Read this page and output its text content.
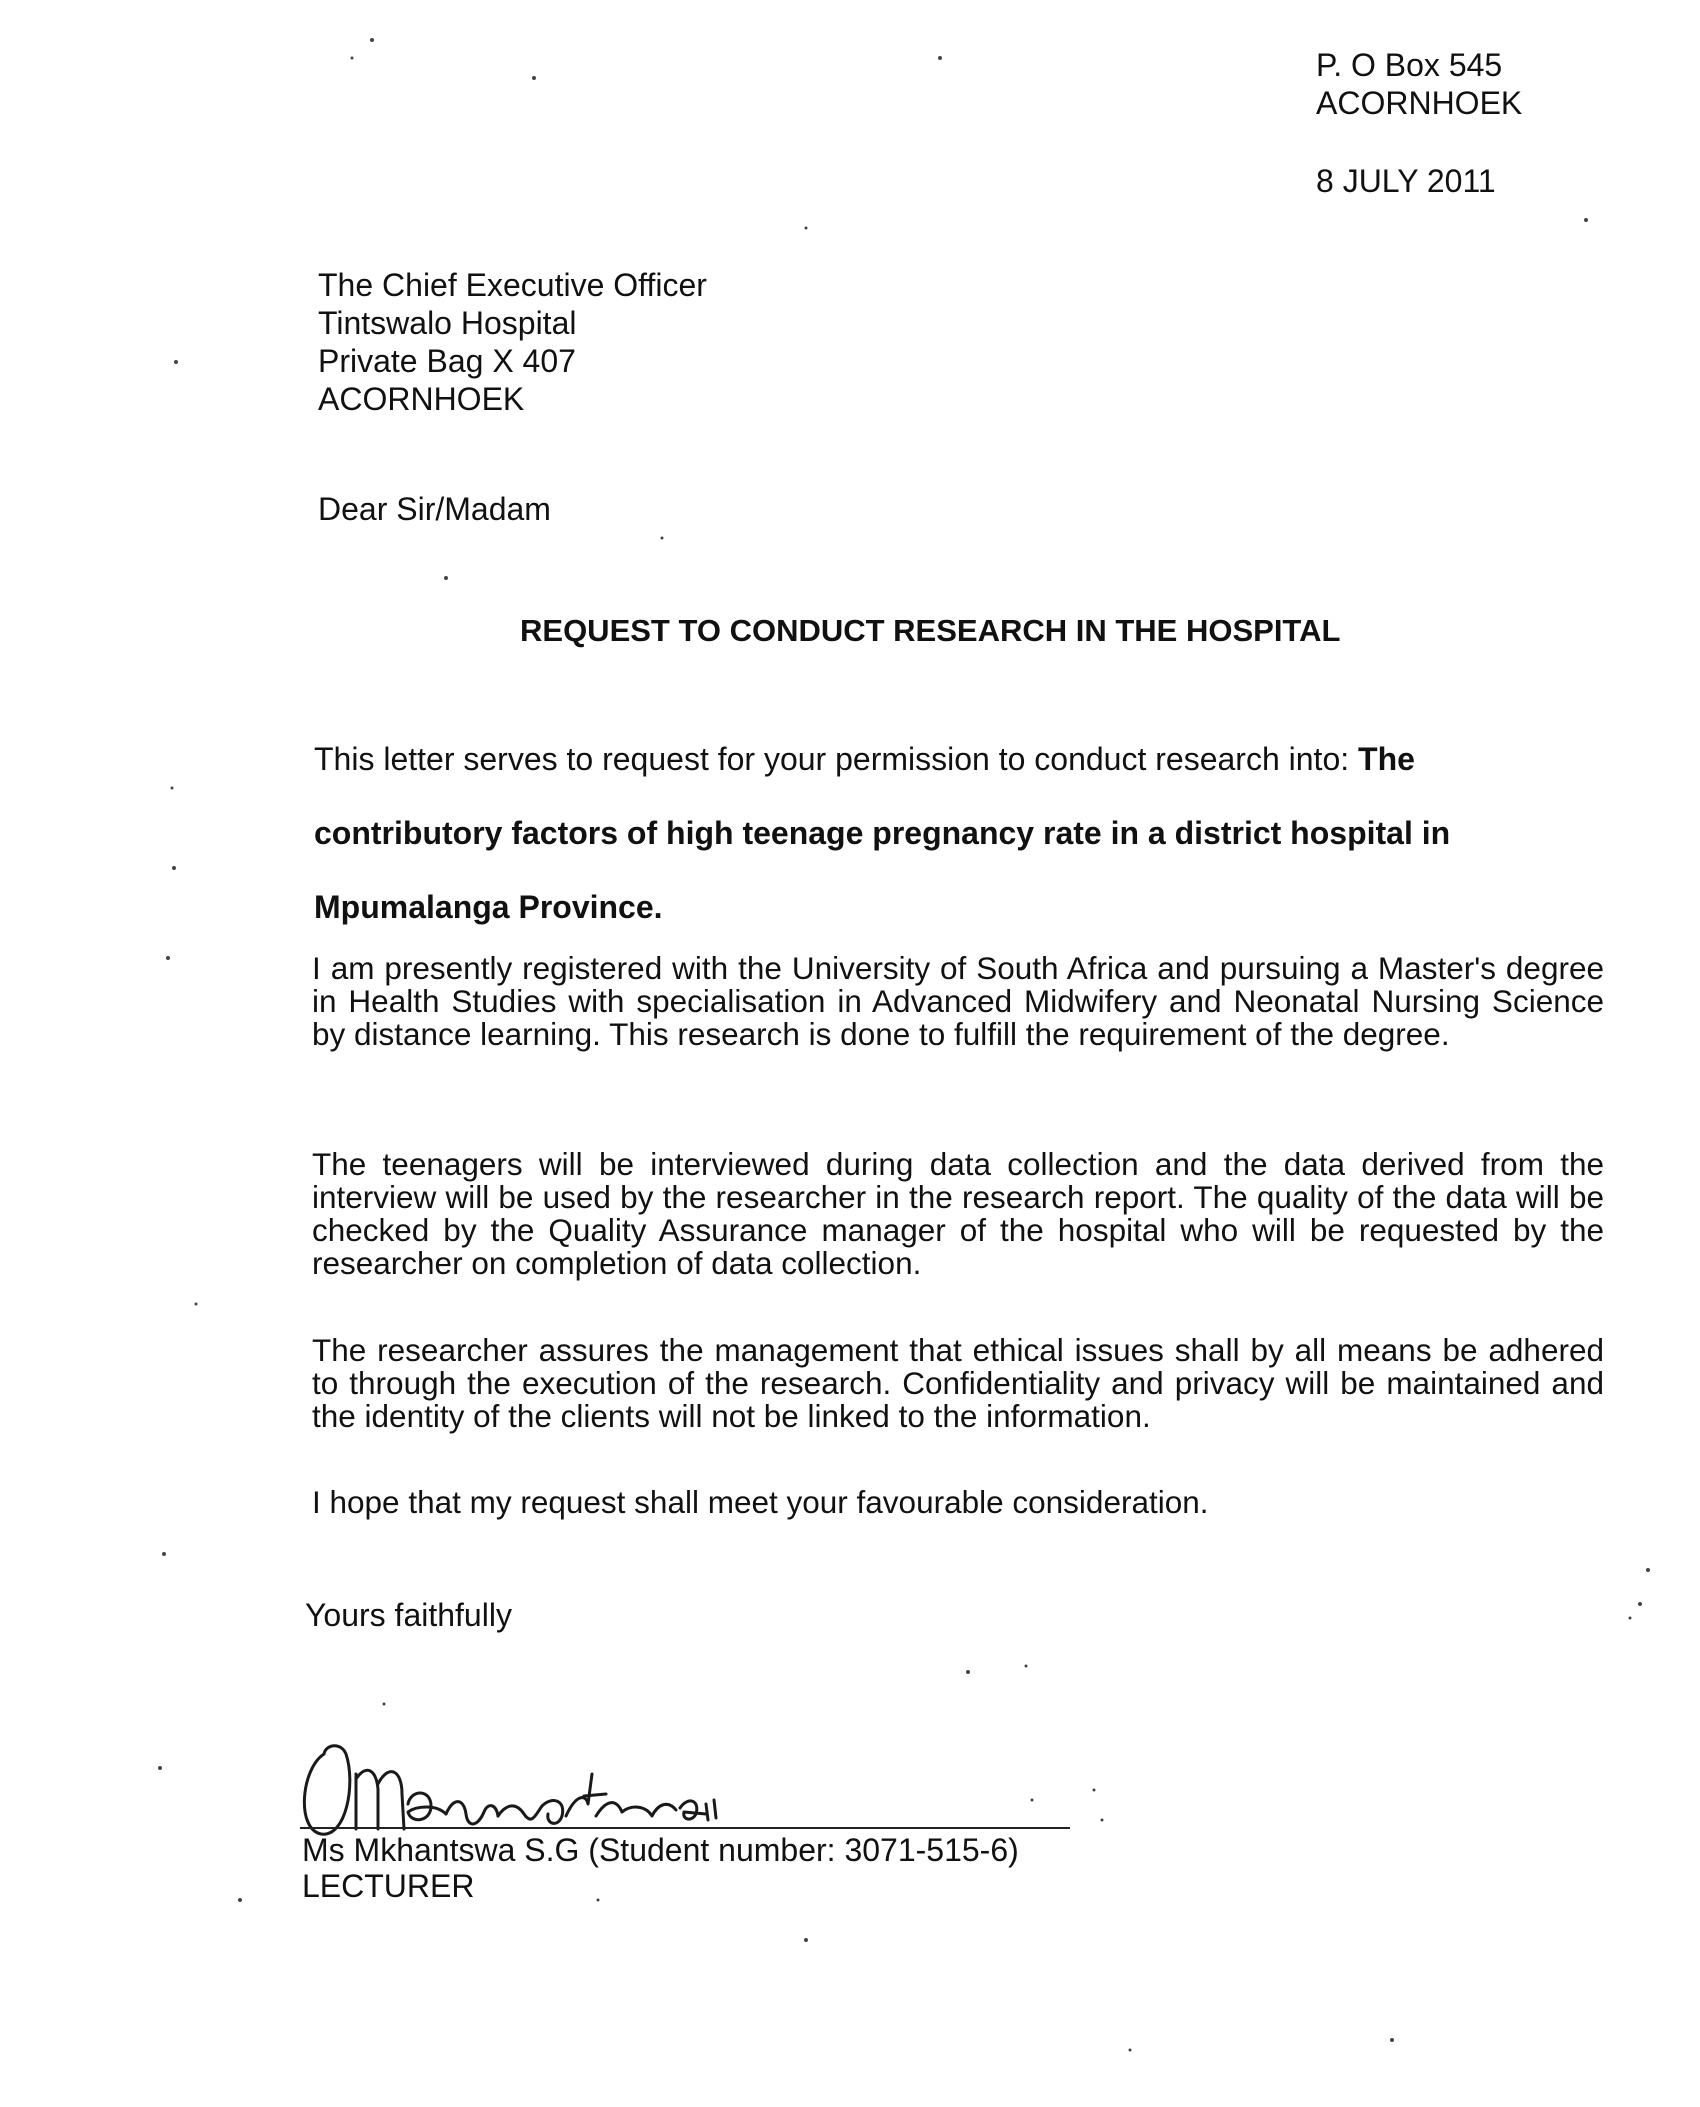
P. O Box 545
ACORNHOEK
8 JULY 2011
The Chief Executive Officer
Tintswalo Hospital
Private Bag X 407
ACORNHOEK
Dear Sir/Madam
REQUEST TO CONDUCT RESEARCH IN THE HOSPITAL
This letter serves to request for your permission to conduct research into: The contributory factors of high teenage pregnancy rate in a district hospital in Mpumalanga Province.
I am presently registered with the University of South Africa and pursuing a Master's degree in Health Studies with specialisation in Advanced Midwifery and Neonatal Nursing Science by distance learning. This research is done to fulfill the requirement of the degree.
The teenagers will be interviewed during data collection and the data derived from the interview will be used by the researcher in the research report. The quality of the data will be checked by the Quality Assurance manager of the hospital who will be requested by the researcher on completion of data collection.
The researcher assures the management that ethical issues shall by all means be adhered to through the execution of the research. Confidentiality and privacy will be maintained and the identity of the clients will not be linked to the information.
I hope that my request shall meet your favourable consideration.
Yours faithfully
Ms Mkhantswa S.G (Student number: 3071-515-6)
LECTURER
